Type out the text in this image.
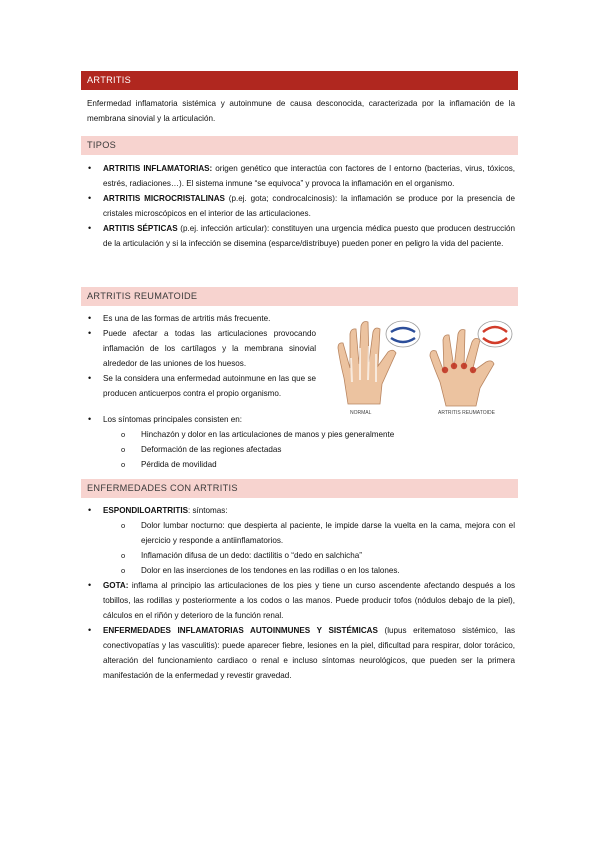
ARTRITIS
Enfermedad inflamatoria sistémica y autoinmune de causa desconocida, caracterizada por la inflamación de la membrana sinovial y la articulación.
TIPOS
• ARTRITIS INFLAMATORIAS: origen genético que interactúa con factores de l entorno (bacterias, virus, tóxicos, estrés, radiaciones…). El sistema inmune “se equivoca” y provoca la inflamación en el organismo.
• ARTRITIS MICROCRISTALINAS (p.ej. gota; condrocalcinosis): la inflamación se produce por la presencia de cristales microscópicos en el interior de las articulaciones.
• ARTITIS SÉPTICAS (p.ej. infección articular): constituyen una urgencia médica puesto que producen destrucción de la articulación y si la infección se disemina (esparce/distribuye) pueden poner en peligro la vida del paciente.
ARTRITIS REUMATOIDE
• Es una de las formas de artritis más frecuente.
• Puede afectar a todas las articulaciones provocando inflamación de los cartílagos y la membrana sinovial alrededor de las uniones de los huesos.
• Se la considera una enfermedad autoinmune en las que se producen anticuerpos contra el propio organismo.
• Los síntomas principales consisten en:
o Hinchazón y dolor en las articulaciones de manos y pies generalmente
o Deformación de las regiones afectadas
o Pérdida de movilidad
NORMAL	ARTRITIS REUMATOIDE
ENFERMEDADES CON ARTRITIS
• ESPONDILOARTRITIS: síntomas:
o Dolor lumbar nocturno: que despierta al paciente, le impide darse la vuelta en la cama, mejora con el ejercicio y responde a antiinflamatorios.
o Inflamación difusa de un dedo: dactilitis o “dedo en salchicha”
o Dolor en las inserciones de los tendones en las rodillas o en los talones.
• GOTA: inflama al principio las articulaciones de los pies y tiene un curso ascendente afectando después a los tobillos, las rodillas y posteriormente a los codos o las manos. Puede producir tofos (nódulos debajo de la piel), cálculos en el riñón y deterioro de la función renal.
• ENFERMEDADES INFLAMATORIAS AUTOINMUNES Y SISTÉMICAS (lupus eritematoso sistémico, las conectivopatías y las vasculitis): puede aparecer fiebre, lesiones en la piel, dificultad para respirar, dolor torácico, alteración del funcionamiento cardiaco o renal e incluso síntomas neurológicos, que pueden ser la primera manifestación de la enfermedad y revestir gravedad.
